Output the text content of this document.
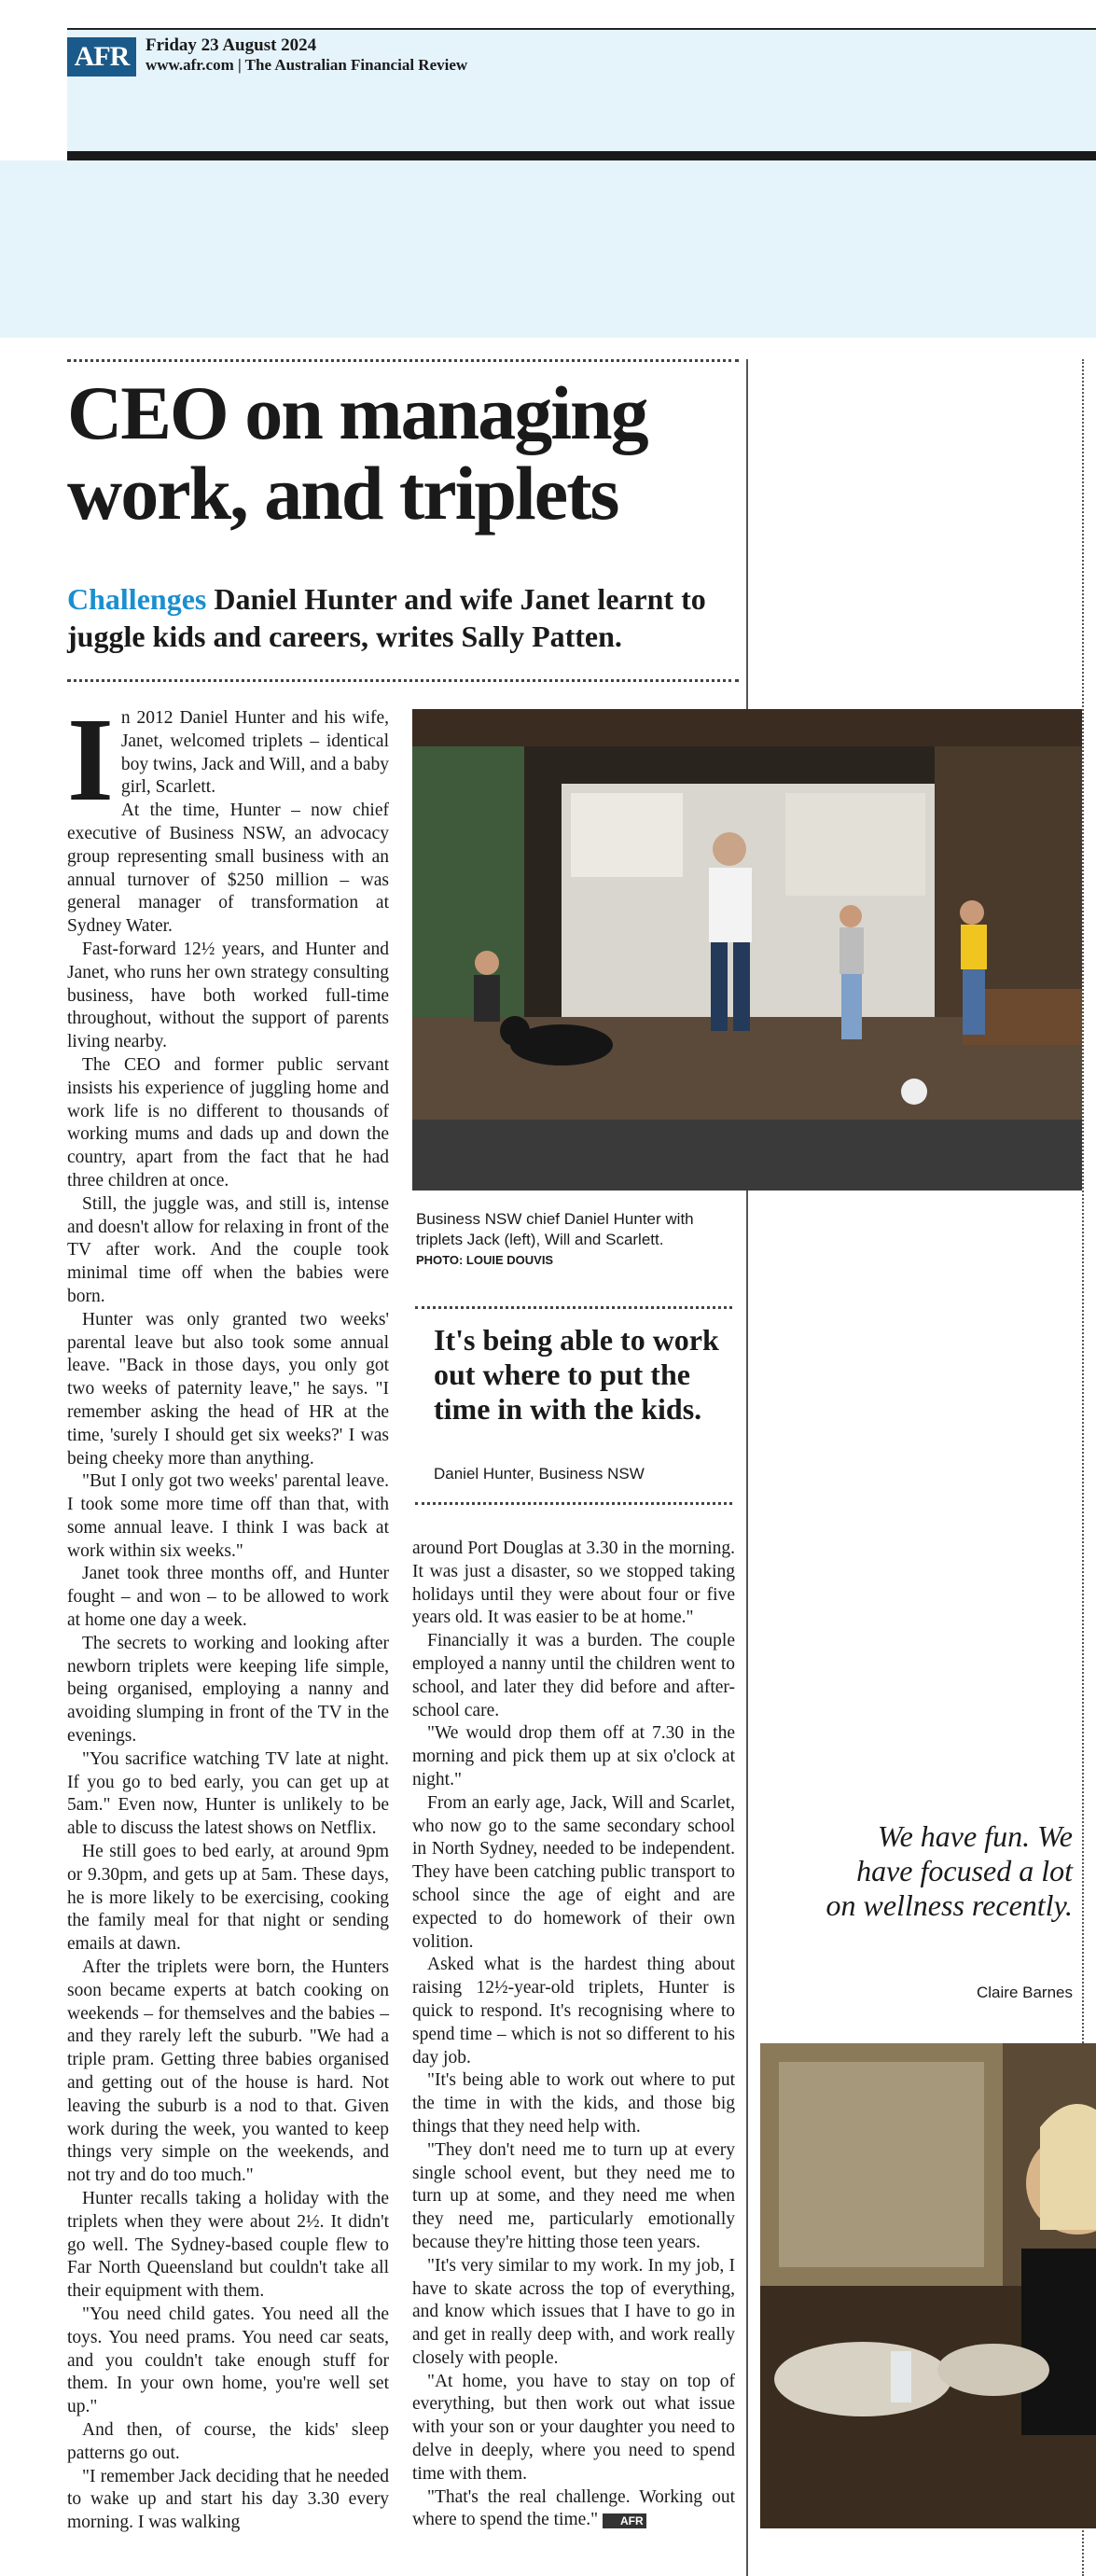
AFR Friday 23 August 2024
www.afr.com | The Australian Financial Review
CEO on managing
work, and triplets
Challenges Daniel Hunter and wife Janet learnt to juggle kids and careers, writes Sally Patten.
I n 2012 Daniel Hunter and his wife, Janet, welcomed triplets – identical boy twins, Jack and Will, and a baby girl, Scarlett.

At the time, Hunter – now chief executive of Business NSW, an advocacy group representing small business with an annual turnover of $250 million – was general manager of transformation at Sydney Water.

Fast-forward 12½ years, and Hunter and Janet, who runs her own strategy consulting business, have both worked full-time throughout, without the support of parents living nearby.

The CEO and former public servant insists his experience of juggling home and work life is no different to thousands of working mums and dads up and down the country, apart from the fact that he had three children at once.

Still, the juggle was, and still is, intense and doesn't allow for relaxing in front of the TV after work. And the couple took minimal time off when the babies were born.

Hunter was only granted two weeks' parental leave but also took some annual leave. "Back in those days, you only got two weeks of paternity leave," he says. "I remember asking the head of HR at the time, 'surely I should get six weeks?' I was being cheeky more than anything.

"But I only got two weeks' parental leave. I took some more time off than that, with some annual leave. I think I was back at work within six weeks."

Janet took three months off, and Hunter fought – and won – to be allowed to work at home one day a week.

The secrets to working and looking after newborn triplets were keeping life simple, being organised, employing a nanny and avoiding slumping in front of the TV in the evenings.

"You sacrifice watching TV late at night. If you go to bed early, you can get up at 5am." Even now, Hunter is unlikely to be able to discuss the latest shows on Netflix.

He still goes to bed early, at around 9pm or 9.30pm, and gets up at 5am. These days, he is more likely to be exercising, cooking the family meal for that night or sending emails at dawn.

After the triplets were born, the Hunters soon became experts at batch cooking on weekends – for themselves and the babies – and they rarely left the suburb. "We had a triple pram. Getting three babies organised and getting out of the house is hard. Not leaving the suburb is a nod to that. Given work during the week, you wanted to keep things very simple on the weekends, and not try and do too much."

Hunter recalls taking a holiday with the triplets when they were about 2½. It didn't go well. The Sydney-based couple flew to Far North Queensland but couldn't take all their equipment with them.

"You need child gates. You need all the toys. You need prams. You need car seats, and you couldn't take enough stuff for them. In your own home, you're well set up."

And then, of course, the kids' sleep patterns go out.

"I remember Jack deciding that he needed to wake up and start his day 3.30 every morning. I was walking

Business NSW chief Daniel Hunter with triplets Jack (left), Will and Scarlett.
PHOTO: LOUIE DOUVIS
It's being able to work out where to put the time in with the kids.
Daniel Hunter, Business NSW

around Port Douglas at 3.30 in the morning. It was just a disaster, so we stopped taking holidays until they were about four or five years old. It was easier to be at home."

Financially it was a burden. The couple employed a nanny until the children went to school, and later they did before and after-school care.

"We would drop them off at 7.30 in the morning and pick them up at six o'clock at night."

From an early age, Jack, Will and Scarlet, who now go to the same secondary school in North Sydney, needed to be independent. They have been catching public transport to school since the age of eight and are expected to do homework of their own volition.

Asked what is the hardest thing about raising 12½-year-old triplets, Hunter is quick to respond. It's recognising where to spend time – which is not so different to his day job.

"It's being able to work out where to put the time in with the kids, and those big things that they need help with.

"They don't need me to turn up at every single school event, but they need me to turn up at some, and they need me when they need me, particularly emotionally because they're hitting those teen years.

"It's very similar to my work. In my job, I have to skate across the top of everything, and know which issues that I have to go in and get in really deep with, and work really closely with people.

"At home, you have to stay on top of everything, but then work out what issue with your son or your daughter you need to delve in deeply, where you need to spend time with them.

"That's the real challenge. Working out where to spend the time." AFR

We have fun. We have focused a lot on wellness recently.
Claire Barnes
